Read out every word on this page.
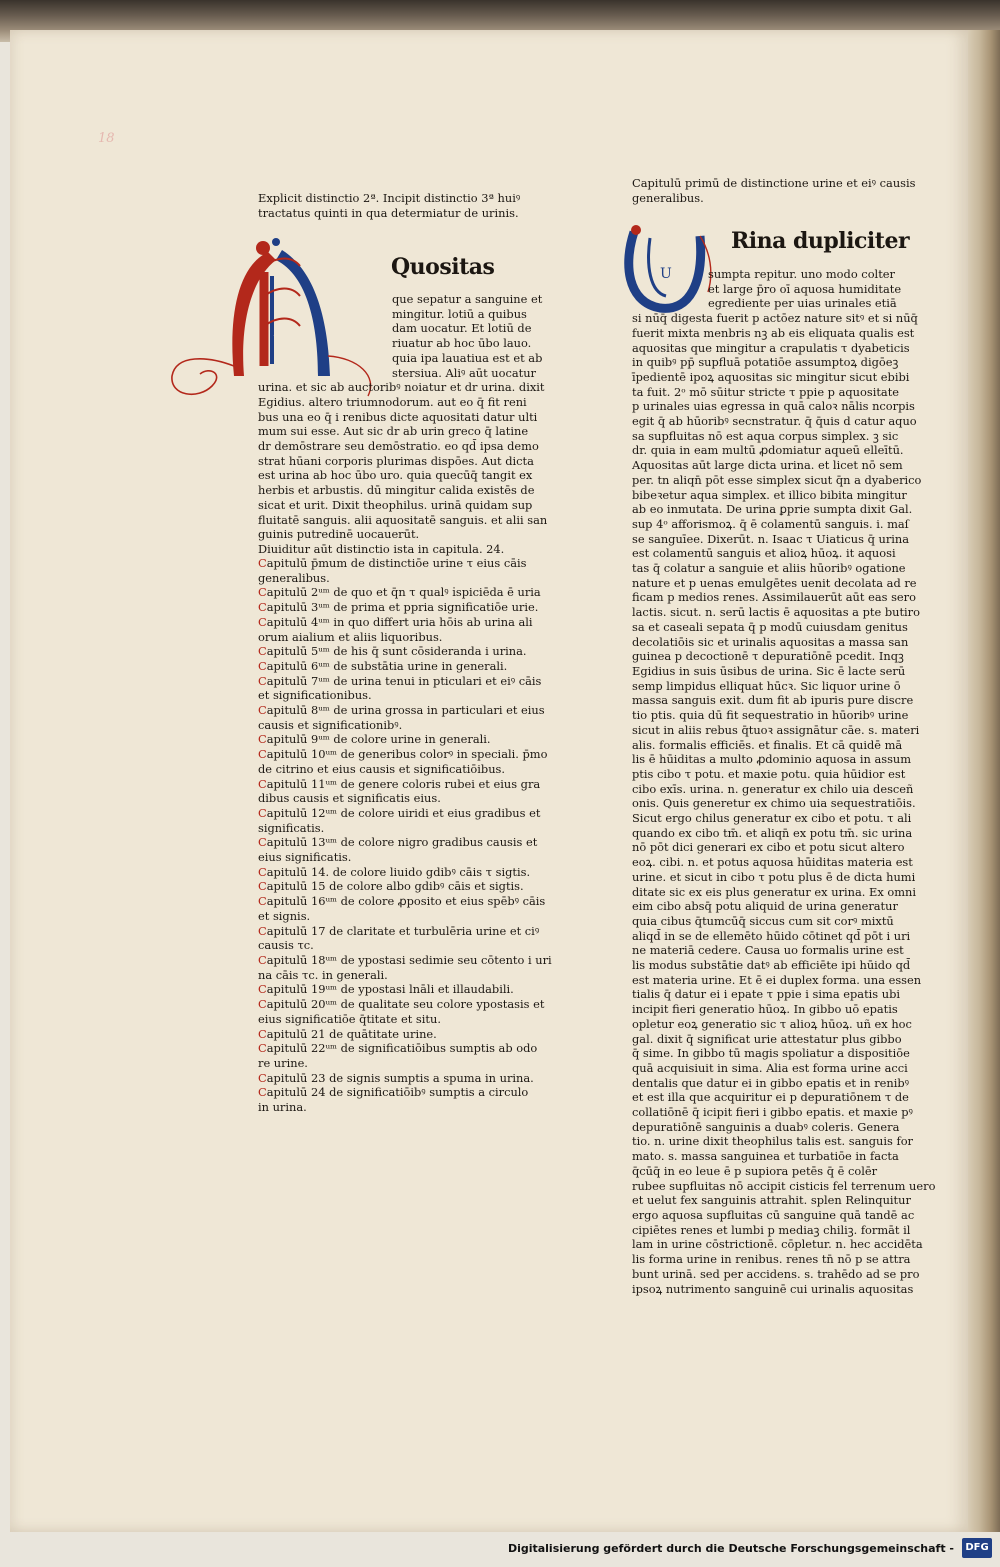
18

Explicit distinctio 2ª. Incipit distinctio 3ª huiꝰ

tractatus quinti in qua determiatur de urinis.

A
Quositas

que sepatur a sanguine et

mingitur. lotiū a quibus

dam uocatur. Et lotiū de

riuatur ab hoc ūbo lauo.

quia ipa lauatiua est et ab

stersiua. Aliꝰ aūt uocatur

urina. et sic ab auctoribꝰ noiatur et dr urina. dixit

Egidius. altero triumnodorum. aut eo q̄ fit reni

bus una eo q̄ i renibus dicte aquositati datur ulti

mum sui esse. Aut sic dr ab urin greco q̄ latine

dr demōstrare seu demōstratio. eo qd̄ ipsa demo

strat hūani corporis plurimas dispōes. Aut dicta

est urina ab hoc ūbo uro. quia quecūq̄ tangit ex

herbis et arbustis. dū mingitur calida existēs de

sicat et urit. Dixit theophilus. urinā quidam sup

fluitatē sanguis. alii aquositatē sanguis. et alii san

guinis putredinē uocauerūt.

Diuiditur aūt distinctio ista in capitula. 24.

Capitulū p̄mum de distinctiōe urine τ eius cāis

generalibus.

Capitulū 2ᵘᵐ de quo et q̄n τ qualꝰ i̇spiciēda ē uria

Capitulū 3ᵘᵐ de prima et ppria significatiōe urie.

Capitulū 4ᵘᵐ in quo differt uria hōis ab urina ali

orum aialium et aliis liquoribus.

Capitulū 5ᵘᵐ de his q̄ sunt cōsideranda i urina.

Capitulū 6ᵘᵐ de substātia urine in generali.

Capitulū 7ᵘᵐ de urina tenui in pticulari et eiꝰ cāis

et significationibus.

Capitulū 8ᵘᵐ de urina grossa in particulari et eius

causis et significationibꝰ.

Capitulū 9ᵘᵐ de colore urine in generali.

Capitulū 10ᵘᵐ de generibus colorꝰ in speciali. p̄mo

de citrino et eius causis et significatiōibus.

Capitulū 11ᵘᵐ de genere coloris rubei et eius gra

dibus causis et significatis eius.

Capitulū 12ᵘᵐ de colore uiridi et eius gradibus et

significatis.

Capitulū 13ᵘᵐ de colore nigro gradibus causis et

eius significatis.

Capitulū 14. de colore liuido gdibꝰ cāis τ sigtis.

Capitulū 15 de colore albo gdibꝰ cāis et sigtis.

Capitulū 16ᵘᵐ de colore ꝓposito et eius spēbꝰ cāis

et signis.

Capitulū 17 de claritate et turbulēria urine et ciꝰ

causis τc.

Capitulū 18ᵘᵐ de ypostasi sedimie seu cōtento i uri

na cāis τc. in generali.

Capitulū 19ᵘᵐ de ypostasi lnāli et illaudabili.

Capitulū 20ᵘᵐ de qualitate seu colore ypostasis et

eius significatiōe q̄titate et situ.

Capitulū 21 de quātitate urine.

Capitulū 22ᵘᵐ de significatiōibus sumptis ab odo

re urine.

Capitulū 23 de signis sumptis a spuma in urina.

Capitulū 24 de significatiōibꝰ sumptis a circulo

in urina.

Capitulū primū de distinctione urine et eiꝰ causis

generalibus.

U
Rina dupliciter

sumpta repitur. uno modo colter

et large p̄ro oī aquosa humiditate

egrediente per uias urinales etiā

si nūq̄ digesta fuerit p actōez nature sitꝰ et si nūq̄

fuerit mixta menbris nꝫ ab eis eliquata qualis est

aquositas que mingitur a crapulatis τ dyabeticis

in quibꝰ pp̄ supfluā potatiōe assumptoꝝ digōeꝫ

īpedientē ipoꝝ aquositas sic mingitur sicut ebibi

ta fuit. 2ᵒ mō sūitur stricte τ ppie p aquositate

p urinales uias egressa in quā caloꝛ nālis ncorpis

egit q̄ ab hūoribꝰ secnstratur. q̄ q̄uis d catur aquo

sa supfluitas nō est aqua corpus simplex. ꝫ sic

dr. quia in eam multū ꝓdomiatur aqueū elleītū.

Aquositas aūt large dicta urina. et licet nō sem

per. tn aliqn̄ pōt esse simplex sicut q̄n a dyaberico

bibeꝛetur aqua simplex. et illico bibita mingitur

ab eo inmutata. De urina ꝑprie sumpta dixit Gal.

sup 4ᵒ afforismoꝝ. q̄ ē colamentū sanguis. i. maſ

se sanguīee. Dixerūt. n. Isaac τ Uiaticus q̄ urina

est colamentū sanguis et alioꝝ hūoꝝ. it aquosi

tas q̄ colatur a sanguie et aliis hūoribꝰ ogatione

nature et p uenas emulgētes uenit decolata ad re

ficam p medios renes. Assimilauerūt aūt eas sero

lactis. sicut. n. serū lactis ē aquositas a pte butiro

sa et caseali sepata q̄ p modū cuiusdam genitus

decolatiōis sic et urinalis aquositas a massa san

guinea p decoctionē τ depuratiōnē pcedit. Inqꝫ

Egidius in suis ūsibus de urina. Sic ē lacte serū

semp limpidus elliquat hūcꝛ. Sic liquor urine ō

massa sanguis exit. dum fit ab ipuris pure discre

tio ptis. quia dū fit sequestratio in hūoribꝰ urine

sicut in aliis rebus q̄tuoꝛ assignātur cāe. s. materi

alis. formalis efficiēs. et finalis. Et cā quidē mā

lis ē hūiditas a multo ꝓdominio aquosa in assum

ptis cibo τ potu. et maxie potu. quia hūidior est

cibo exīs. urina. n. generatur ex chilo uia desceñ

onis. Quis generetur ex chimo uia sequestratiōis.

Sicut ergo chilus generatur ex cibo et potu. τ ali

quando ex cibo tm̄. et aliqn̄ ex potu tm̄. sic urina

nō pōt dici generari ex cibo et potu sicut altero

eoꝝ. cibi. n. et potus aquosa hūiditas materia est

urine. et sicut in cibo τ potu plus ē de dicta humi

ditate sic ex eis plus generatur ex urina. Ex omni

eim cibo absq̄ potu aliquid de urina generatur

quia cibus q̄tumcūq̄ siccus cum sit corꝰ mixtū

aliqd̄ in se de ellemēto hūido cōtinet qd̄ pōt i uri

ne materiā cedere. Causa uo formalis urine est

lis modus substātie datꝰ ab efficiēte ipi hūido qd̄

est materia urine. Et ē ei duplex forma. una essen

tialis q̄ datur ei i epate τ ppie i sima epatis ubi

incipit fieri generatio hūoꝝ. In gibbo uō epatis

opletur eoꝝ generatio sic τ alioꝝ hūoꝝ. uñ ex hoc

gal. dixit q̄ significat urie attestatur plus gibbo

q̄ sime. In gibbo tū magis spoliatur a dispositiōe

quā acquisiuit in sima. Alia est forma urine acci

dentalis que datur ei in gibbo epatis et in renibꝰ

et est illa que acquiritur ei p depuratiōnem τ de

collatiōnē q̄ icipit fieri i gibbo epatis. et maxie pꝰ

depuratiōnē sanguinis a duabꝰ coleris. Genera

tio. n. urine dixit theophilus talis est. sanguis for

mato. s. massa sanguinea et turbatiōe in facta

q̄cūq̄ in eo leue ē p supiora petēs q̄ ē colēr

rubee supfluitas nō accipit cisticis fel terrenum uero

et uelut fex sanguinis attrahit. splen Relinquitur

ergo aquosa supfluitas cū sanguine quā tandē ac

cipiētes renes et lumbi p mediaꝫ chiliꝫ. formāt il

lam in urine cōstrictionē. cōpletur. n. hec accidēta

lis forma urine in renibus. renes tn̄ nō p se attra

bunt urinā. sed per accidens. s. trahēdo ad se pro

ipsoꝝ nutrimento sanguinē cui urinalis aquositas

Digitalisierung gefördert durch die Deutsche Forschungsgemeinschaft -	DFG
